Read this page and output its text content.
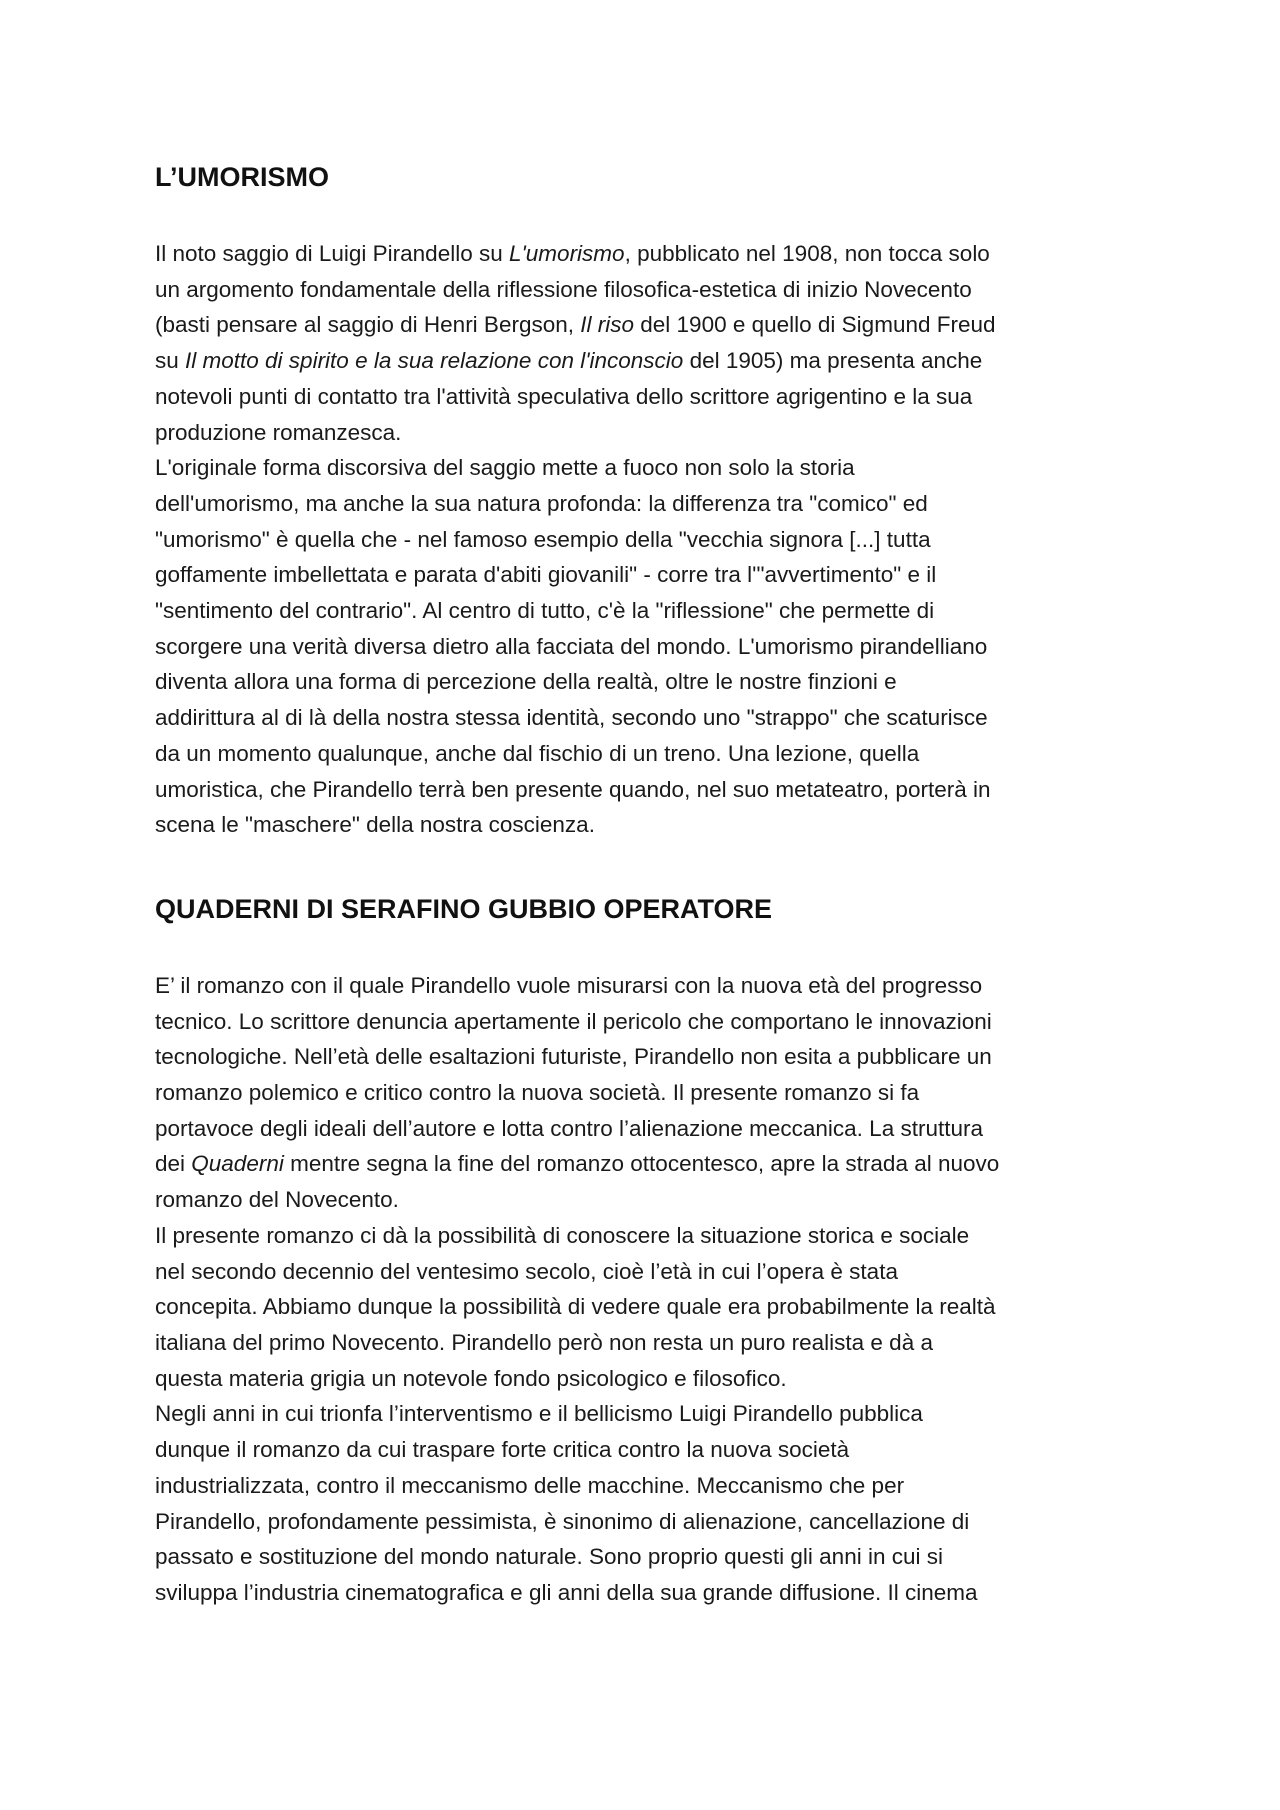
L’UMORISMO

Il noto saggio di Luigi Pirandello su L'umorismo, pubblicato nel 1908, non tocca solo
un argomento fondamentale della riflessione filosofica-estetica di inizio Novecento
(basti pensare al saggio di Henri Bergson, Il riso del 1900 e quello di Sigmund Freud
su Il motto di spirito e la sua relazione con l'inconscio del 1905) ma presenta anche
notevoli punti di contatto tra l'attività speculativa dello scrittore agrigentino e la sua
produzione romanzesca.

L'originale forma discorsiva del saggio mette a fuoco non solo la storia
dell'umorismo, ma anche la sua natura profonda: la differenza tra "comico" ed
"umorismo" è quella che - nel famoso esempio della "vecchia signora [...] tutta
goffamente imbellettata e parata d'abiti giovanili" - corre tra l'"avvertimento" e il
"sentimento del contrario". Al centro di tutto, c'è la "riflessione" che permette di
scorgere una verità diversa dietro alla facciata del mondo. L'umorismo pirandelliano
diventa allora una forma di percezione della realtà, oltre le nostre finzioni e
addirittura al di là della nostra stessa identità, secondo uno "strappo" che scaturisce
da un momento qualunque, anche dal fischio di un treno. Una lezione, quella
umoristica, che Pirandello terrà ben presente quando, nel suo metateatro, porterà in
scena le "maschere" della nostra coscienza.

QUADERNI DI SERAFINO GUBBIO OPERATORE

E’ il romanzo con il quale Pirandello vuole misurarsi con la nuova età del progresso
tecnico. Lo scrittore denuncia apertamente il pericolo che comportano le innovazioni
tecnologiche. Nell’età delle esaltazioni futuriste, Pirandello non esita a pubblicare un
romanzo polemico e critico contro la nuova società. Il presente romanzo si fa
portavoce degli ideali dell’autore e lotta contro l’alienazione meccanica. La struttura
dei Quaderni mentre segna la fine del romanzo ottocentesco, apre la strada al nuovo
romanzo del Novecento.

Il presente romanzo ci dà la possibilità di conoscere la situazione storica e sociale
nel secondo decennio del ventesimo secolo, cioè l’età in cui l’opera è stata
concepita. Abbiamo dunque la possibilità di vedere quale era probabilmente la realtà
italiana del primo Novecento. Pirandello però non resta un puro realista e dà a
questa materia grigia un notevole fondo psicologico e filosofico.

Negli anni in cui trionfa l’interventismo e il bellicismo Luigi Pirandello pubblica
dunque il romanzo da cui traspare forte critica contro la nuova società
industrializzata, contro il meccanismo delle macchine. Meccanismo che per
Pirandello, profondamente pessimista, è sinonimo di alienazione, cancellazione di
passato e sostituzione del mondo naturale. Sono proprio questi gli anni in cui si
sviluppa l’industria cinematografica e gli anni della sua grande diffusione. Il cinema
